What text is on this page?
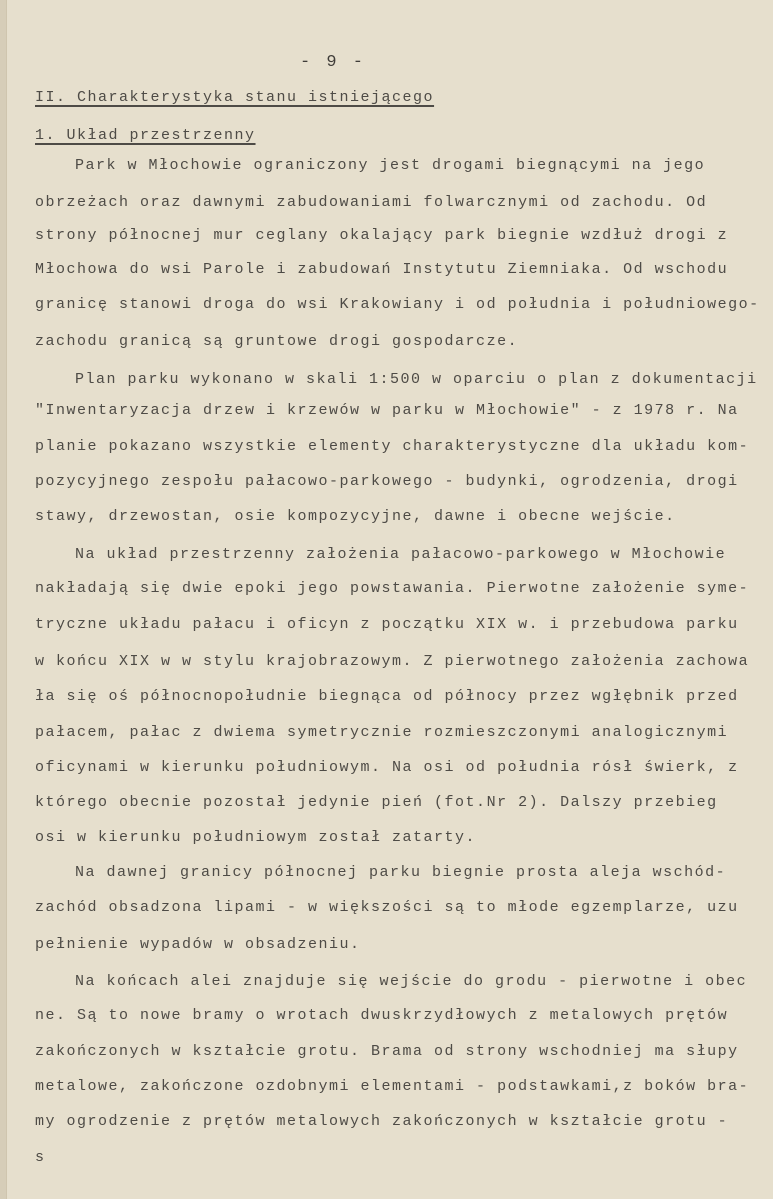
- 9 -
II. Charakterystyka stanu istniejącego
1. Układ przestrzenny
Park w Młochowie ograniczony jest drogami biegnącymi na jego
obrzeżach oraz dawnymi zabudowaniami folwarcznymi od zachodu. Od
strony północnej mur ceglany okalający park biegnie wzdłuż drogi z
Młochowa do wsi Parole i zabudowań Instytutu Ziemniaka. Od wschodu
granicę stanowi droga do wsi Krakowiany i od południa i południowego-
zachodu granicą są gruntowe drogi gospodarcze.
Plan parku wykonano w skali 1:500 w oparciu o plan z dokumentacji
"Inwentaryzacja drzew i krzewów w parku w Młochowie" - z 1978 r. Na
planie pokazano wszystkie elementy charakterystyczne dla układu kom-
pozycyjnego zespołu pałacowo-parkowego - budynki, ogrodzenia, drogi
stawy, drzewostan, osie kompozycyjne, dawne i obecne wejście.
Na układ przestrzenny założenia pałacowo-parkowego w Młochowie
nakładają się dwie epoki jego powstawania. Pierwotne założenie syme-
tryczne układu pałacu i oficyn z początku XIX w. i przebudowa parku
w końcu XIX w w stylu krajobrazowym. Z pierwotnego założenia zachowa
ła się oś północnopołudnie biegnąca od północy przez wgłębnik przed
pałacem, pałac z dwiema symetrycznie rozmieszczonymi analogicznymi
oficynami w kierunku południowym. Na osi od południa rósł świerk, z
którego obecnie pozostał jedynie pień (fot.Nr 2). Dalszy przebieg
osi w kierunku południowym został zatarty.
Na dawnej granicy północnej parku biegnie prosta aleja wschód-
zachód obsadzona lipami - w większości są to młode egzemplarze, uzu
pełnienie wypadów w obsadzeniu.
Na końcach alei znajduje się wejście do grodu - pierwotne i obec
ne. Są to nowe bramy o wrotach dwuskrzydłowych z metalowych prętów
zakończonych w kształcie grotu. Brama od strony wschodniej ma słupy
metalowe, zakończone ozdobnymi elementami - podstawkami,z boków bra-
my ogrodzenie z prętów metalowych zakończonych w kształcie grotu -
s
